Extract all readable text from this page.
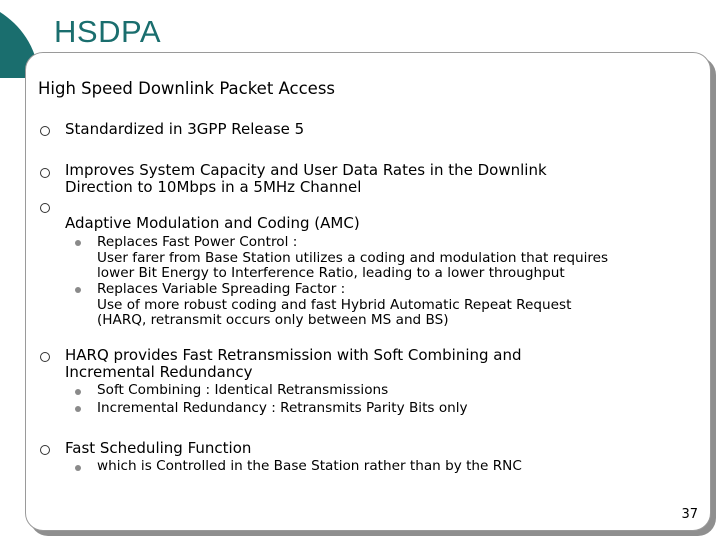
HSDPA
High Speed Downlink Packet Access
Standardized in 3GPP Release 5
Improves System Capacity and User Data Rates in the Downlink
Direction to 10Mbps in a 5MHz Channel
Adaptive Modulation and Coding (AMC)
Replaces Fast Power Control :
User farer from Base Station utilizes a coding and modulation that requires
lower Bit Energy to Interference Ratio, leading to a lower throughput
Replaces Variable Spreading Factor :
Use of more robust coding and fast Hybrid Automatic Repeat Request
(HARQ, retransmit occurs only between MS and BS)
HARQ provides Fast Retransmission with Soft Combining and
Incremental Redundancy
Soft Combining : Identical Retransmissions
Incremental Redundancy : Retransmits Parity Bits only
Fast Scheduling Function
which is Controlled in the Base Station rather than by the RNC
37
